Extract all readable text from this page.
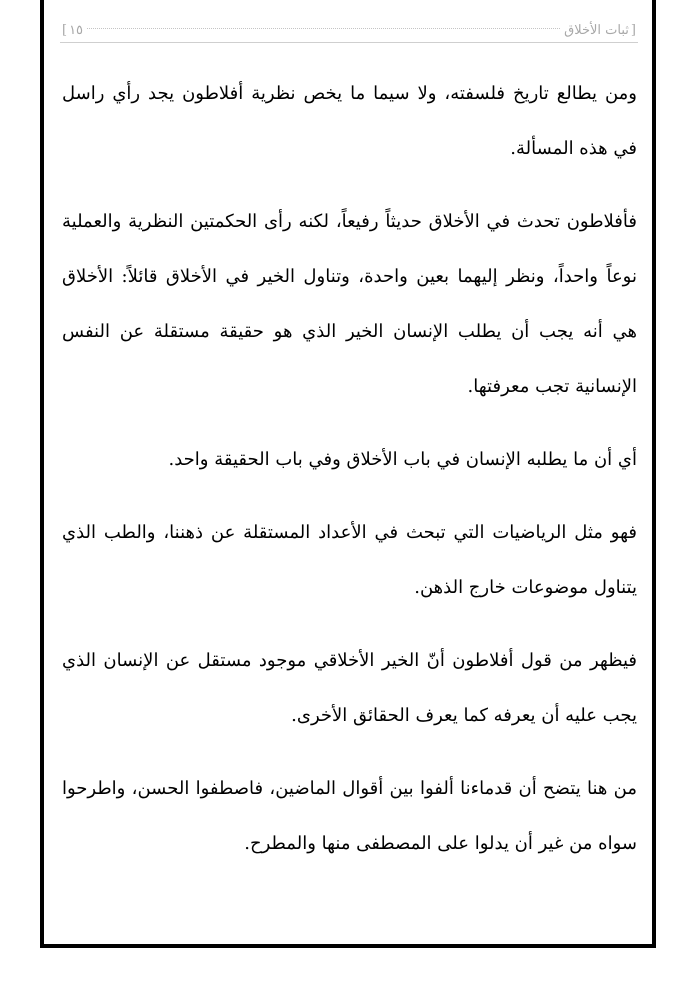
[
ثبات الأخلاق
١٥
]

ومن يطالع تاريخ فلسفته، ولا سيما ما يخص نظرية أفلاطون يجد رأي راسل في هذه المسألة.

فأفلاطون تحدث في الأخلاق حديثاً رفيعاً، لكنه رأى الحكمتين النظرية والعملية نوعاً واحداً، ونظر إليهما بعين واحدة، وتناول الخير في الأخلاق قائلاً: الأخلاق هي أنه يجب أن يطلب الإنسان الخير الذي هو حقيقة مستقلة عن النفس الإنسانية تجب معرفتها.

أي أن ما يطلبه الإنسان في باب الأخلاق وفي باب الحقيقة واحد.

فهو مثل الرياضيات التي تبحث في الأعداد المستقلة عن ذهننا، والطب الذي يتناول موضوعات خارج الذهن.

فيظهر من قول أفلاطون أنّ الخير الأخلاقي موجود مستقل عن الإنسان الذي يجب عليه أن يعرفه كما يعرف الحقائق الأخرى.

من هنا يتضح أن قدماءنا ألفوا بين أقوال الماضين، فاصطفوا الحسن، واطرحوا سواه من غير أن يدلوا على المصطفى منها والمطرح.
